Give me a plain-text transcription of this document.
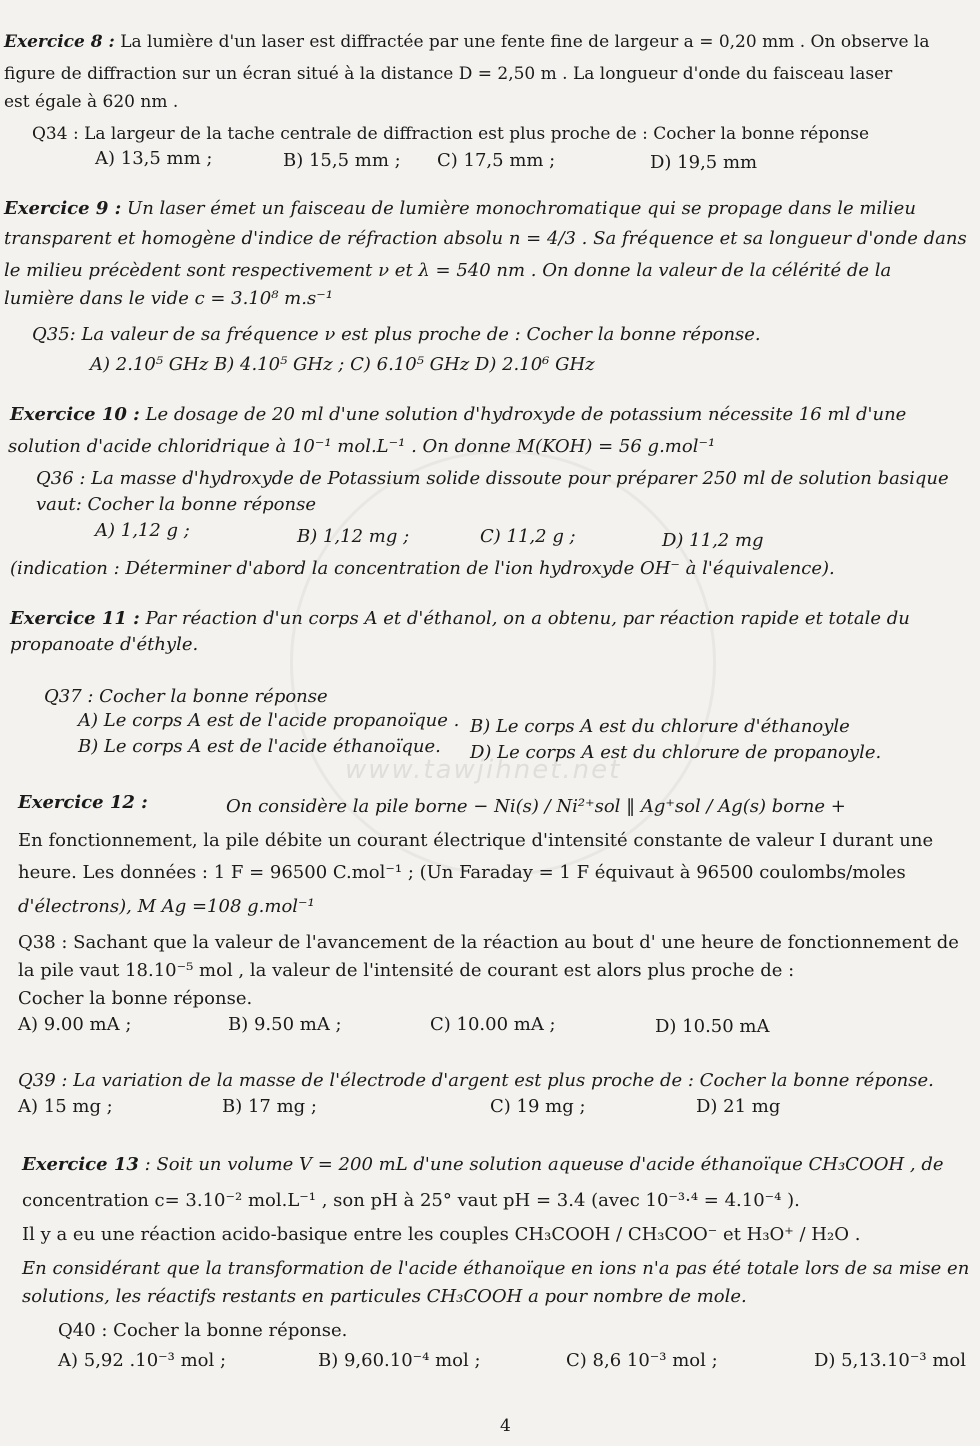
www.tawjihnet.net
Exercice 8 : La lumière d'un laser est diffractée par une fente fine de largeur a = 0,20 mm . On observe la
figure de diffraction sur un écran situé à la distance D = 2,50 m . La longueur d'onde du faisceau laser
est égale à 620 nm .
Q34 : La largeur de la tache centrale de diffraction est plus proche de : Cocher la bonne réponse
A) 13,5 mm ;	B) 15,5 mm ; C) 17,5 mm ;	D) 19,5 mm
Exercice 9 : Un laser émet un faisceau de lumière monochromatique qui se propage dans le milieu
transparent et homogène d'indice de réfraction absolu n = 4/3 . Sa fréquence et sa longueur d'onde dans
le milieu précèdent sont respectivement ν et λ = 540 nm . On donne la valeur de la célérité de la
lumière dans le vide c = 3.10⁸ m.s⁻¹
Q35: La valeur de sa fréquence ν est plus proche de : Cocher la bonne réponse.
A) 2.10⁵ GHz B) 4.10⁵ GHz ; C) 6.10⁵ GHz D) 2.10⁶ GHz
Exercice 10 : Le dosage de 20 ml d'une solution d'hydroxyde de potassium nécessite 16 ml d'une
solution d'acide chloridrique à 10⁻¹ mol.L⁻¹ . On donne M(KOH) = 56 g.mol⁻¹
Q36 : La masse d'hydroxyde de Potassium solide dissoute pour préparer 250 ml de solution basique
vaut: Cocher la bonne réponse
A) 1,12 g ;	B) 1,12 mg ;	C) 11,2 g ;	D) 11,2 mg
(indication : Déterminer d'abord la concentration de l'ion hydroxyde OH⁻ à l'équivalence).
Exercice 11 : Par réaction d'un corps A et d'éthanol, on a obtenu, par réaction rapide et totale du
propanoate d'éthyle.
Q37 : Cocher la bonne réponse
A) Le corps A est de l'acide propanoïque . B) Le corps A est du chlorure d'éthanoyle
B) Le corps A est de l'acide éthanoïque. D) Le corps A est du chlorure de propanoyle.
Exercice 12 :	On considère la pile borne − Ni(s) / Ni²⁺sol ‖ Ag⁺sol / Ag(s) borne +
En fonctionnement, la pile débite un courant électrique d'intensité constante de valeur I durant une
heure. Les données : 1 F = 96500 C.mol⁻¹ ; (Un Faraday = 1 F équivaut à 96500 coulombs/moles
d'électrons), M Ag =108 g.mol⁻¹
Q38 : Sachant que la valeur de l'avancement de la réaction au bout d' une heure de fonctionnement de
la pile vaut 18.10⁻⁵ mol , la valeur de l'intensité de courant est alors plus proche de :
Cocher la bonne réponse.
A) 9.00 mA ;	B) 9.50 mA ;	C) 10.00 mA ;	D) 10.50 mA
Q39 : La variation de la masse de l'électrode d'argent est plus proche de : Cocher la bonne réponse.
A) 15 mg ;	B) 17 mg ;	C) 19 mg ;	D) 21 mg
Exercice 13 : Soit un volume V = 200 mL d'une solution aqueuse d'acide éthanoïque CH₃COOH , de
concentration c= 3.10⁻² mol.L⁻¹ , son pH à 25° vaut pH = 3.4 (avec 10⁻³·⁴ = 4.10⁻⁴ ).
Il y a eu une réaction acido-basique entre les couples CH₃COOH / CH₃COO⁻ et H₃O⁺ / H₂O .
En considérant que la transformation de l'acide éthanoïque en ions n'a pas été totale lors de sa mise en
solutions, les réactifs restants en particules CH₃COOH a pour nombre de mole.
Q40 : Cocher la bonne réponse.
A) 5,92 .10⁻³ mol ;	B) 9,60.10⁻⁴ mol ;	C) 8,6 10⁻³ mol ;	D) 5,13.10⁻³ mol
4
